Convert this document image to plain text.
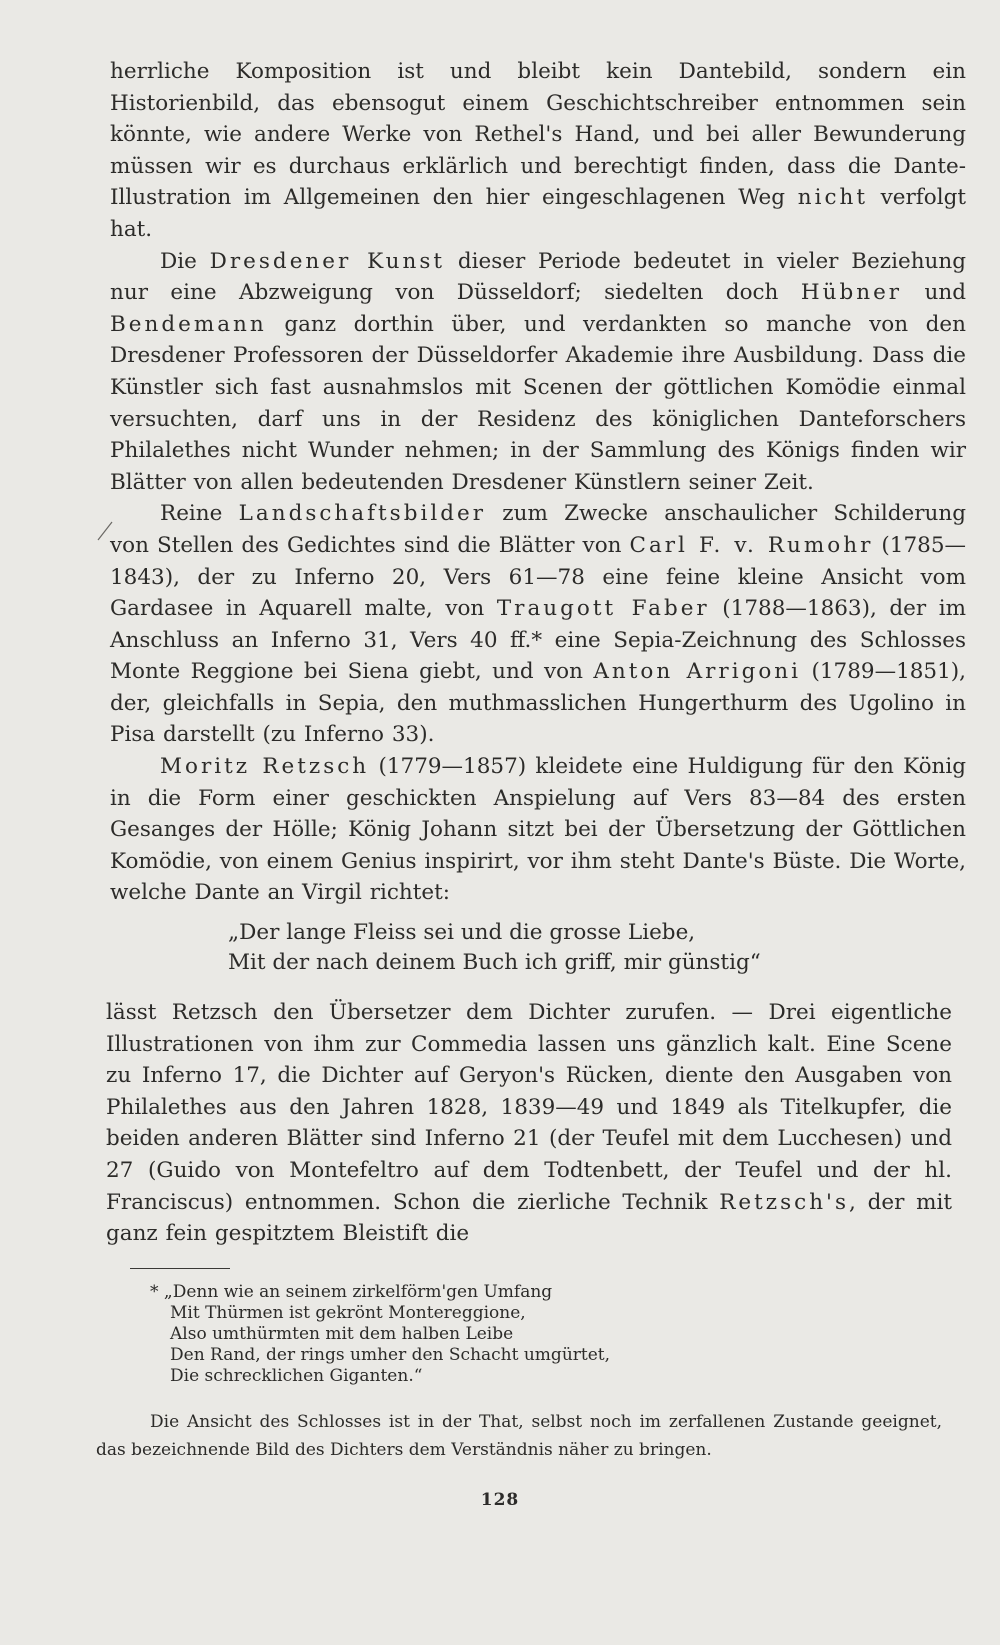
herrliche Komposition ist und bleibt kein Dantebild, sondern ein Historienbild, das ebensogut einem Geschichtschreiber entnommen sein könnte, wie andere Werke von Rethel's Hand, und bei aller Bewunderung müssen wir es durchaus erklärlich und berechtigt finden, dass die Dante-Illustration im Allgemeinen den hier eingeschlagenen Weg nicht verfolgt hat.

Die Dresdener Kunst dieser Periode bedeutet in vieler Beziehung nur eine Abzweigung von Düsseldorf; siedelten doch Hübner und Bendemann ganz dorthin über, und verdankten so manche von den Dresdener Professoren der Düsseldorfer Akademie ihre Ausbildung. Dass die Künstler sich fast ausnahmslos mit Scenen der göttlichen Komödie einmal versuchten, darf uns in der Residenz des königlichen Danteforschers Philalethes nicht Wunder nehmen; in der Sammlung des Königs finden wir Blätter von allen bedeutenden Dresdener Künstlern seiner Zeit.

Reine Landschaftsbilder zum Zwecke anschaulicher Schilderung von Stellen des Gedichtes sind die Blätter von Carl F. v. Rumohr (1785—1843), der zu Inferno 20, Vers 61—78 eine feine kleine Ansicht vom Gardasee in Aquarell malte, von Traugott Faber (1788—1863), der im Anschluss an Inferno 31, Vers 40 ff.* eine Sepia-Zeichnung des Schlosses Monte Reggione bei Siena giebt, und von Anton Arrigoni (1789—1851), der, gleichfalls in Sepia, den muthmasslichen Hungerthurm des Ugolino in Pisa darstellt (zu Inferno 33).

Moritz Retzsch (1779—1857) kleidete eine Huldigung für den König in die Form einer geschickten Anspielung auf Vers 83—84 des ersten Gesanges der Hölle; König Johann sitzt bei der Übersetzung der Göttlichen Komödie, von einem Genius inspirirt, vor ihm steht Dante's Büste. Die Worte, welche Dante an Virgil richtet:

„Der lange Fleiss sei und die grosse Liebe,
Mit der nach deinem Buch ich griff, mir günstig“

lässt Retzsch den Übersetzer dem Dichter zurufen. — Drei eigentliche Illustrationen von ihm zur Commedia lassen uns gänzlich kalt. Eine Scene zu Inferno 17, die Dichter auf Geryon's Rücken, diente den Ausgaben von Philalethes aus den Jahren 1828, 1839—49 und 1849 als Titelkupfer, die beiden anderen Blätter sind Inferno 21 (der Teufel mit dem Lucchesen) und 27 (Guido von Montefeltro auf dem Todtenbett, der Teufel und der hl. Franciscus) entnommen. Schon die zierliche Technik Retzsch's, der mit ganz fein gespitztem Bleistift die

* „Denn wie an seinem zirkelförm'gen Umfang
Mit Thürmen ist gekrönt Montereggione,
Also umthürmten mit dem halben Leibe
Den Rand, der rings umher den Schacht umgürtet,
Die schrecklichen Giganten.“

Die Ansicht des Schlosses ist in der That, selbst noch im zerfallenen Zustande geeignet, das bezeichnende Bild des Dichters dem Verständnis näher zu bringen.

128
